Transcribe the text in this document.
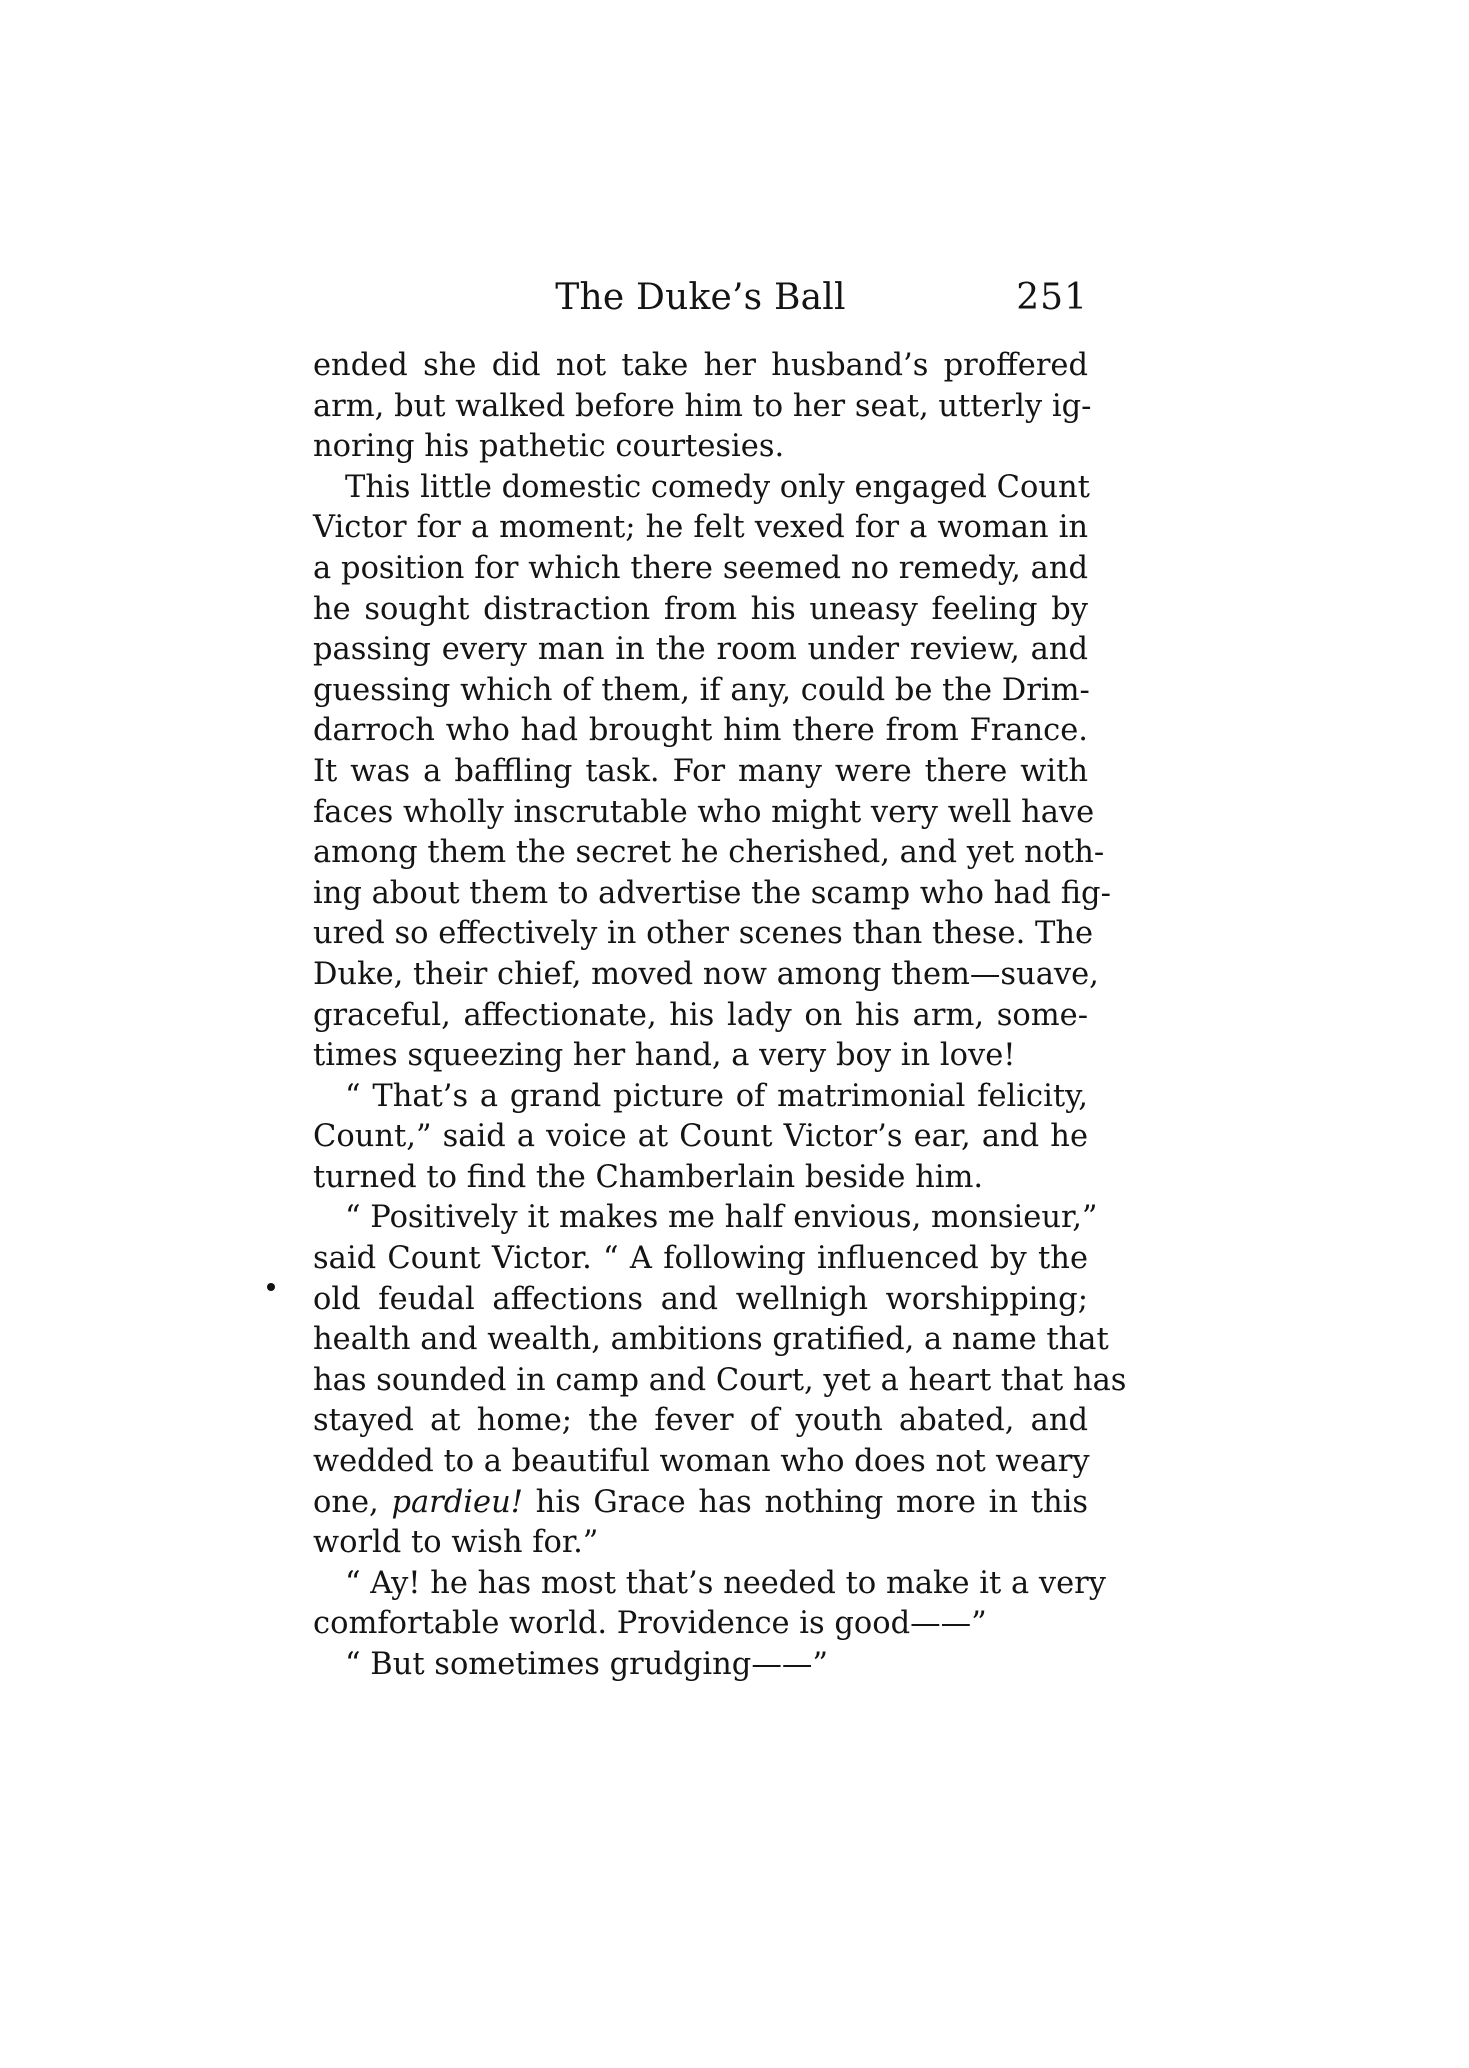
The Duke’s Ball	251
ended she did not take her husband’s proffered
arm, but walked before him to her seat, utterly ig-
noring his pathetic courtesies.
This little domestic comedy only engaged Count
Victor for a moment; he felt vexed for a woman in
a position for which there seemed no remedy, and
he sought distraction from his uneasy feeling by
passing every man in the room under review, and
guessing which of them, if any, could be the Drim-
darroch who had brought him there from France.
It was a baffling task. For many were there with
faces wholly inscrutable who might very well have
among them the secret he cherished, and yet noth-
ing about them to advertise the scamp who had fig-
ured so effectively in other scenes than these. The
Duke, their chief, moved now among them—suave,
graceful, affectionate, his lady on his arm, some-
times squeezing her hand, a very boy in love!
“ That’s a grand picture of matrimonial felicity,
Count,” said a voice at Count Victor’s ear, and he
turned to find the Chamberlain beside him.
“ Positively it makes me half envious, monsieur,”
said Count Victor. “ A following influenced by the
old feudal affections and wellnigh worshipping;
health and wealth, ambitions gratified, a name that
has sounded in camp and Court, yet a heart that has
stayed at home; the fever of youth abated, and
wedded to a beautiful woman who does not weary
one, pardieu! his Grace has nothing more in this
world to wish for.”
“ Ay! he has most that’s needed to make it a very
comfortable world. Providence is good——”
“ But sometimes grudging——”
